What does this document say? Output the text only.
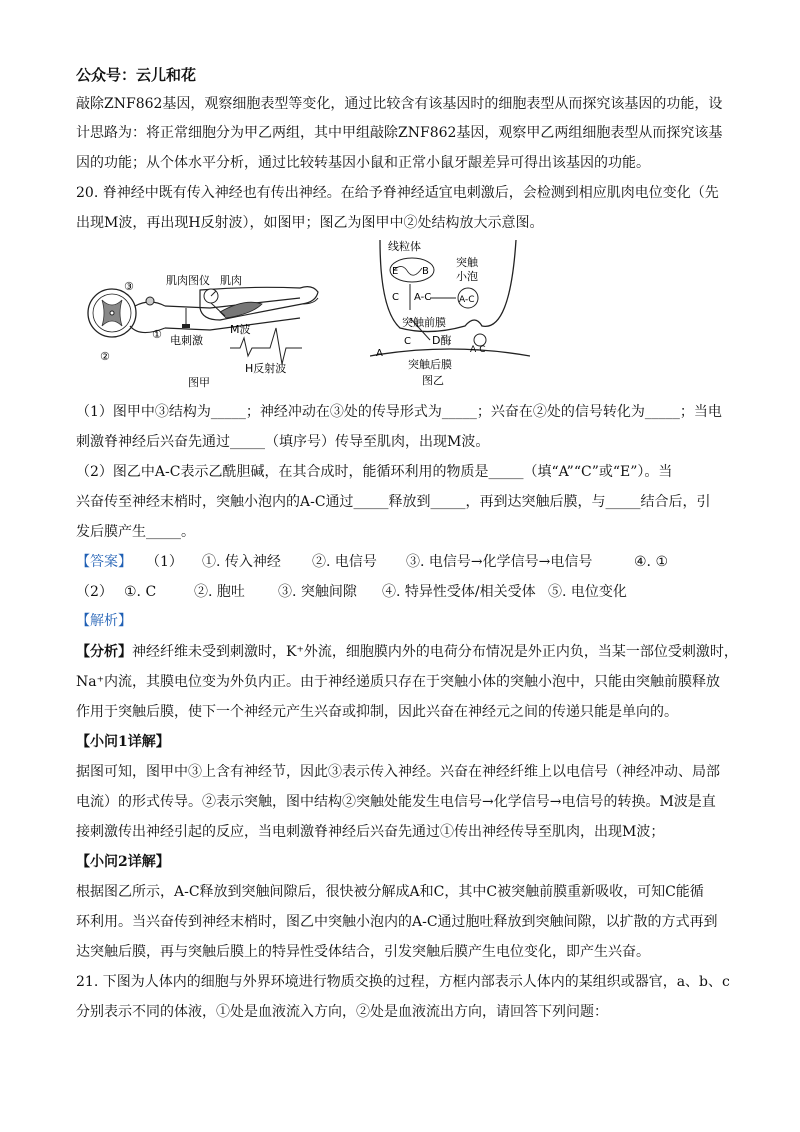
公众号：云儿和花
敲除ZNF862基因，观察细胞表型等变化，通过比较含有该基因时的细胞表型从而探究该基因的功能，设
计思路为：将正常细胞分为甲乙两组，其中甲组敲除ZNF862基因，观察甲乙两组细胞表型从而探究该基
因的功能；从个体水平分析，通过比较转基因小鼠和正常小鼠牙龈差异可得出该基因的功能。
20. 脊神经中既有传入神经也有传出神经。在给予脊神经适宜电刺激后，会检测到相应肌肉电位变化（先
出现M波，再出现H反射波），如图甲；图乙为图甲中②处结构放大示意图。
③
②
①
肌肉图仪 肌肉
电刺激
M波
H反射波
图甲
线粒体
突触
小泡
E B
C A-C	A-C
突触前膜
C D酶
A	A-C
突触后膜
图乙
（1）图甲中③结构为_____；神经冲动在③处的传导形式为_____；兴奋在②处的信号转化为_____；当电
刺激脊神经后兴奋先通过_____（填序号）传导至肌肉，出现M波。
（2）图乙中A-C表示乙酰胆碱，在其合成时，能循环利用的物质是_____（填“A”“C”或“E”）。当
兴奋传至神经末梢时，突触小泡内的A-C通过_____释放到_____，再到达突触后膜，与_____结合后，引
发后膜产生_____。
【答案】 （1） ①. 传入神经 ②. 电信号 ③. 电信号→化学信号→电信号	④. ①
（2） ①. C	②. 胞吐 ③. 突触间隙 ④. 特异性受体/相关受体 ⑤. 电位变化
【解析】
【分析】神经纤维未受到刺激时，K⁺外流，细胞膜内外的电荷分布情况是外正内负，当某一部位受刺激时，
Na⁺内流，其膜电位变为外负内正。由于神经递质只存在于突触小体的突触小泡中，只能由突触前膜释放
作用于突触后膜，使下一个神经元产生兴奋或抑制，因此兴奋在神经元之间的传递只能是单向的。
【小问1详解】
据图可知，图甲中③上含有神经节，因此③表示传入神经。兴奋在神经纤维上以电信号（神经冲动、局部
电流）的形式传导。②表示突触，图中结构②突触处能发生电信号→化学信号→电信号的转换。M波是直
接刺激传出神经引起的反应，当电刺激脊神经后兴奋先通过①传出神经传导至肌肉，出现M波；
【小问2详解】
根据图乙所示，A-C释放到突触间隙后，很快被分解成A和C，其中C被突触前膜重新吸收，可知C能循
环利用。当兴奋传到神经末梢时，图乙中突触小泡内的A-C通过胞吐释放到突触间隙，以扩散的方式再到
达突触后膜，再与突触后膜上的特异性受体结合，引发突触后膜产生电位变化，即产生兴奋。
21. 下图为人体内的细胞与外界环境进行物质交换的过程，方框内部表示人体内的某组织或器官，a、b、c
分别表示不同的体液，①处是血液流入方向，②处是血液流出方向，请回答下列问题：
